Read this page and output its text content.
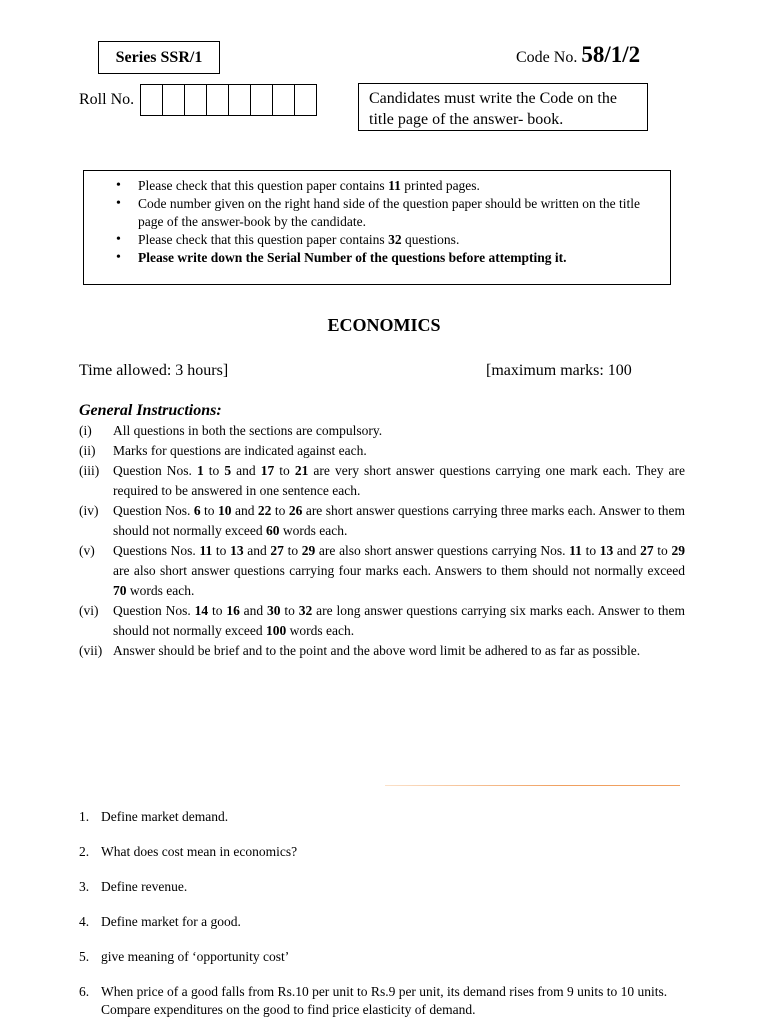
Series SSR/1	Code No. 58/1/2
Roll No.	Candidates must write the Code on the title page of the answer- book.
• Please check that this question paper contains 11 printed pages.
• Code number given on the right hand side of the question paper should be written on the title page of the answer-book by the candidate.
• Please check that this question paper contains 32 questions.
• Please write down the Serial Number of the questions before attempting it.
ECONOMICS
Time allowed: 3 hours]	[maximum marks: 100
General Instructions:
(i)	All questions in both the sections are compulsory.
(ii)	Marks for questions are indicated against each.
(iii)	Question Nos. 1 to 5 and 17 to 21 are very short answer questions carrying one mark each. They are required to be answered in one sentence each.
(iv)	Question Nos. 6 to 10 and 22 to 26 are short answer questions carrying three marks each. Answer to them should not normally exceed 60 words each.
(v)	Questions Nos. 11 to 13 and 27 to 29 are also short answer questions carrying Nos. 11 to 13 and 27 to 29 are also short answer questions carrying four marks each. Answers to them should not normally exceed 70 words each.
(vi)	Question Nos. 14 to 16 and 30 to 32 are long answer questions carrying six marks each. Answer to them should not normally exceed 100 words each.
(vii) Answer should be brief and to the point and the above word limit be adhered to as far as possible.
1. Define market demand.
2. What does cost mean in economics?
3. Define revenue.
4. Define market for a good.
5. give meaning of ‘opportunity cost’
6. When price of a good falls from Rs.10 per unit to Rs.9 per unit, its demand rises from 9 units to 10 units. Compare expenditures on the good to find price elasticity of demand.
